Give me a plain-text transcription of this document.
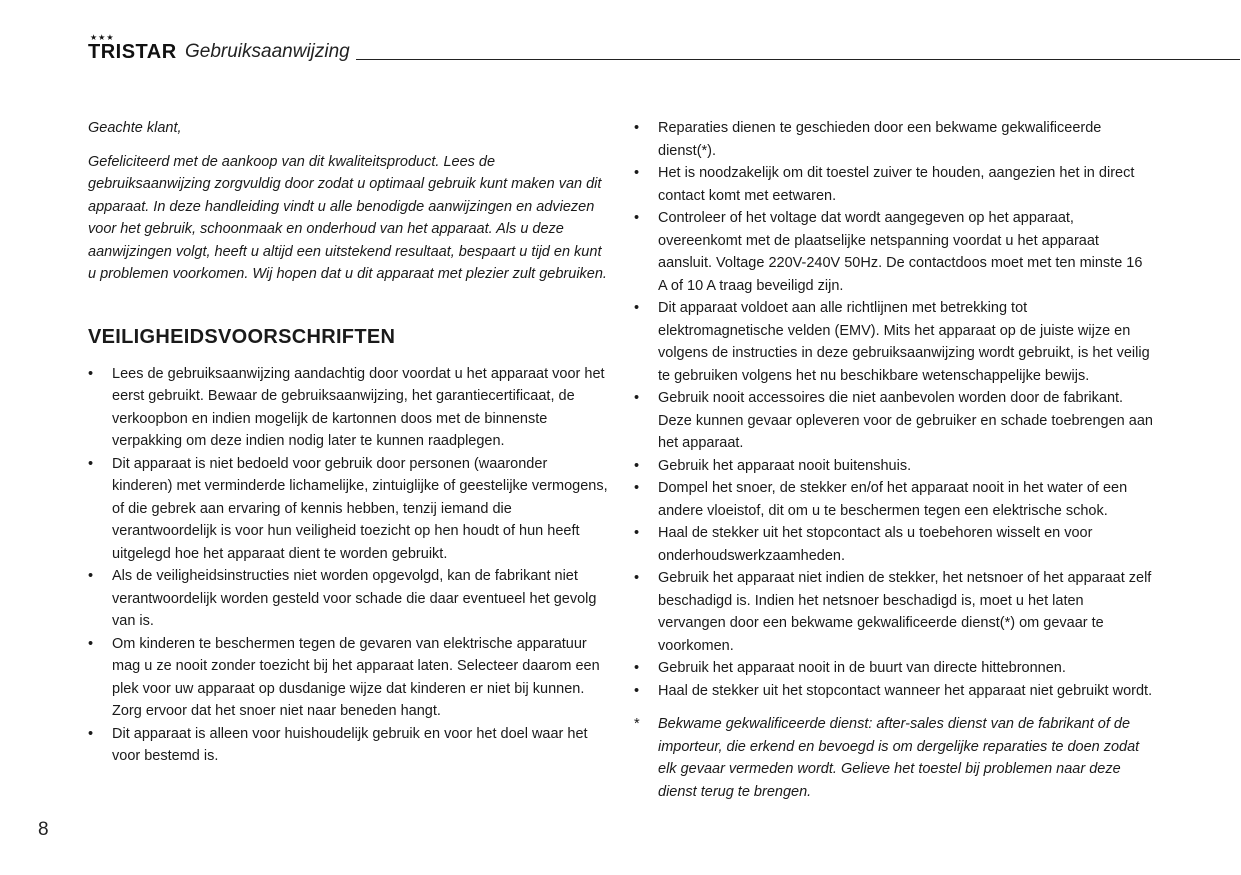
★★★
TRISTAR Gebruiksaanwijzing

Geachte klant,

Gefeliciteerd met de aankoop van dit kwaliteitsproduct. Lees de gebruiksaanwijzing zorgvuldig door zodat u optimaal gebruik kunt maken van dit apparaat. In deze handleiding vindt u alle benodigde aanwijzingen en adviezen voor het gebruik, schoonmaak en onderhoud van het apparaat. Als u deze aanwijzingen volgt, heeft u altijd een uitstekend resultaat, bespaart u tijd en kunt u problemen voorkomen. Wij hopen dat u dit apparaat met plezier zult gebruiken.

VEILIGHEIDSVOORSCHRIFTEN
•	Lees de gebruiksaanwijzing aandachtig door voordat u het apparaat voor het eerst gebruikt. Bewaar de gebruiksaanwijzing, het garantiecertificaat, de verkoopbon en indien mogelijk de kartonnen doos met de binnenste verpakking om deze indien nodig later te kunnen raadplegen.
•	Dit apparaat is niet bedoeld voor gebruik door personen (waaronder kinderen) met verminderde lichamelijke, zintuiglijke of geestelijke vermogens, of die gebrek aan ervaring of kennis hebben, tenzij iemand die verantwoordelijk is voor hun veiligheid toezicht op hen houdt of hun heeft uitgelegd hoe het apparaat dient te worden gebruikt.
•	Als de veiligheidsinstructies niet worden opgevolgd, kan de fabrikant niet verantwoordelijk worden gesteld voor schade die daar eventueel het gevolg van is.
•	Om kinderen te beschermen tegen de gevaren van elektrische apparatuur mag u ze nooit zonder toezicht bij het apparaat laten. Selecteer daarom een plek voor uw apparaat op dusdanige wijze dat kinderen er niet bij kunnen. Zorg ervoor dat het snoer niet naar beneden hangt.
•	Dit apparaat is alleen voor huishoudelijk gebruik en voor het doel waar het voor bestemd is.
•	Reparaties dienen te geschieden door een bekwame gekwalificeerde dienst(*).
•	Het is noodzakelijk om dit toestel zuiver te houden, aangezien het in direct contact komt met eetwaren.
•	Controleer of het voltage dat wordt aangegeven op het apparaat, overeenkomt met de plaatselijke netspanning voordat u het apparaat aansluit. Voltage 220V-240V 50Hz. De contactdoos moet met ten minste 16 A of 10 A traag beveiligd zijn.
•	Dit apparaat voldoet aan alle richtlijnen met betrekking tot elektromagnetische velden (EMV). Mits het apparaat op de juiste wijze en volgens de instructies in deze gebruiksaanwijzing wordt gebruikt, is het veilig te gebruiken volgens het nu beschikbare wetenschappelijke bewijs.
•	Gebruik nooit accessoires die niet aanbevolen worden door de fabrikant. Deze kunnen gevaar opleveren voor de gebruiker en schade toebrengen aan het apparaat.
•	Gebruik het apparaat nooit buitenshuis.
•	Dompel het snoer, de stekker en/of het apparaat nooit in het water of een andere vloeistof, dit om u te beschermen tegen een elektrische schok.
•	Haal de stekker uit het stopcontact als u toebehoren wisselt en voor onderhoudswerkzaamheden.
•	Gebruik het apparaat niet indien de stekker, het netsnoer of het apparaat zelf beschadigd is. Indien het netsnoer beschadigd is, moet u het laten vervangen door een bekwame gekwalificeerde dienst(*) om gevaar te voorkomen.
•	Gebruik het apparaat nooit in de buurt van directe hittebronnen.
•	Haal de stekker uit het stopcontact wanneer het apparaat niet gebruikt wordt.
* Bekwame gekwalificeerde dienst: after-sales dienst van de fabrikant of de importeur, die erkend en bevoegd is om dergelijke reparaties te doen zodat elk gevaar vermeden wordt. Gelieve het toestel bij problemen naar deze dienst terug te brengen.
8
